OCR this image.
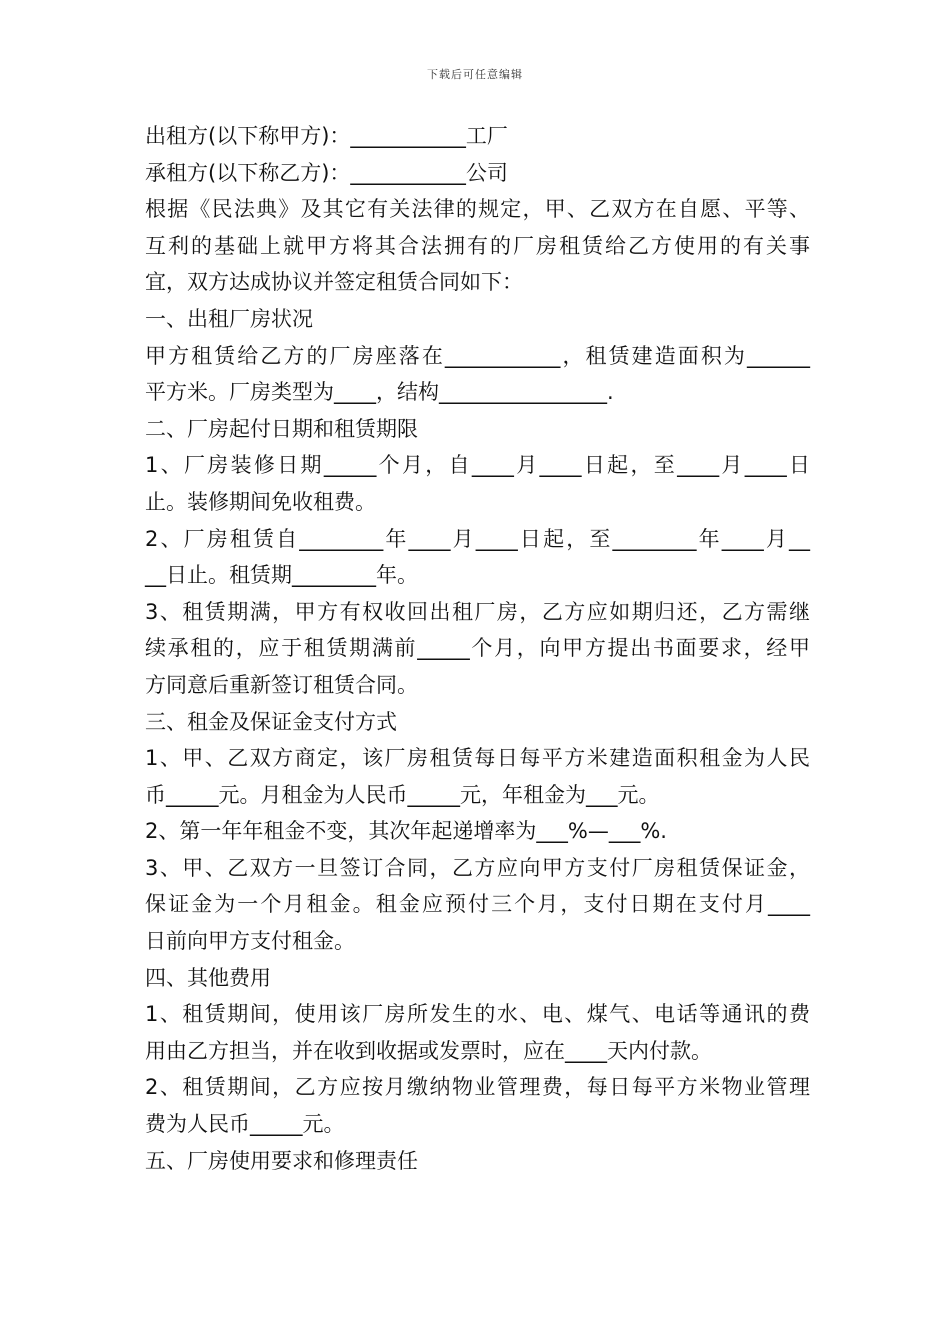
下载后可任意编辑
出租方(以下称甲方)：___________工厂
承租方(以下称乙方)：___________公司
根据《民法典》及其它有关法律的规定，甲、乙双方在自愿、平等、
互利的基础上就甲方将其合法拥有的厂房租赁给乙方使用的有关事
宜，双方达成协议并签定租赁合同如下：
一、出租厂房状况
甲方租赁给乙方的厂房座落在___________，租赁建造面积为______
平方米。厂房类型为____，结构________________.
二、厂房起付日期和租赁期限
1、厂房装修日期_____个月，自____月____日起，至____月____日
止。装修期间免收租费。
2、厂房租赁自________年____月____日起，至________年____月__
__日止。租赁期________年。
3、租赁期满，甲方有权收回出租厂房，乙方应如期归还，乙方需继
续承租的，应于租赁期满前_____个月，向甲方提出书面要求，经甲
方同意后重新签订租赁合同。
三、租金及保证金支付方式
1、甲、乙双方商定，该厂房租赁每日每平方米建造面积租金为人民
币_____元。月租金为人民币_____元，年租金为___元。
2、第一年年租金不变，其次年起递增率为___%—___%.
3、甲、乙双方一旦签订合同，乙方应向甲方支付厂房租赁保证金，
保证金为一个月租金。租金应预付三个月，支付日期在支付月____
日前向甲方支付租金。
四、其他费用
1、租赁期间，使用该厂房所发生的水、电、煤气、电话等通讯的费
用由乙方担当，并在收到收据或发票时，应在____天内付款。
2、租赁期间，乙方应按月缴纳物业管理费，每日每平方米物业管理
费为人民币_____元。
五、厂房使用要求和修理责任
